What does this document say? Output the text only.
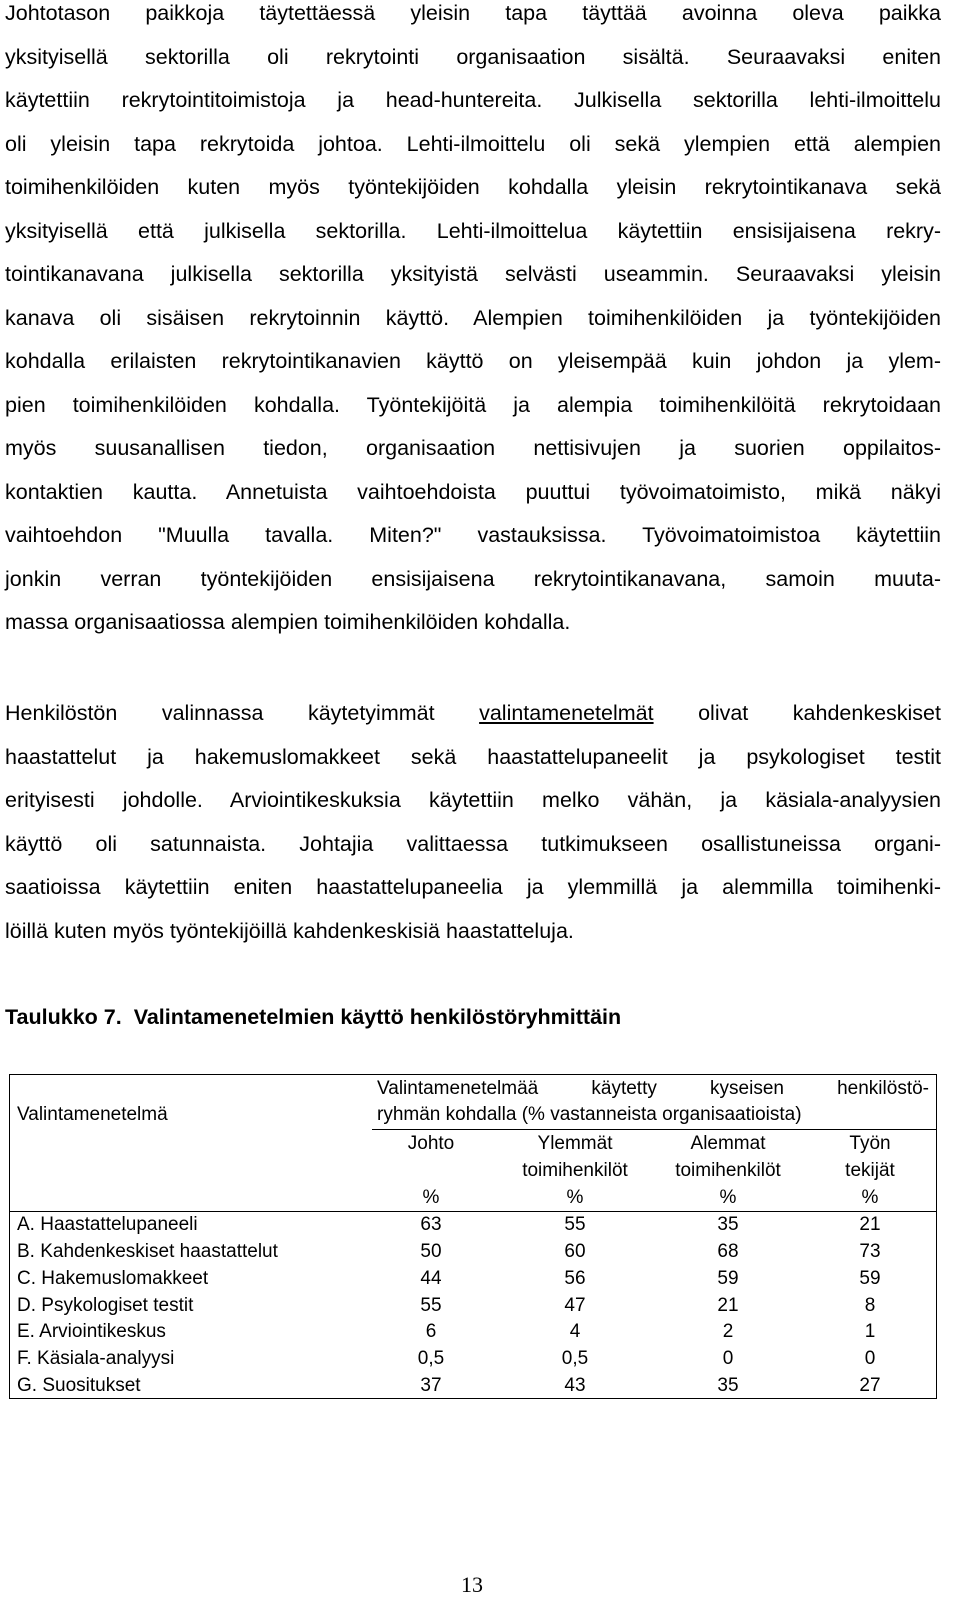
Johtotason paikkoja täytettäessä yleisin tapa täyttää avoinna oleva paikka
yksityisellä sektorilla oli rekrytointi organisaation sisältä. Seuraavaksi eniten
käytettiin rekrytointitoimistoja ja head-huntereita. Julkisella sektorilla lehti-ilmoittelu
oli yleisin tapa rekrytoida johtoa. Lehti-ilmoittelu oli sekä ylempien että alempien
toimihenkilöiden kuten myös työntekijöiden kohdalla yleisin rekrytointikanava sekä
yksityisellä että julkisella sektorilla. Lehti-ilmoittelua käytettiin ensisijaisena rekry-
tointikanavana julkisella sektorilla yksityistä selvästi useammin. Seuraavaksi yleisin
kanava oli sisäisen rekrytoinnin käyttö. Alempien toimihenkilöiden ja työntekijöiden
kohdalla erilaisten rekrytointikanavien käyttö on yleisempää kuin johdon ja ylem-
pien toimihenkilöiden kohdalla. Työntekijöitä ja alempia toimihenkilöitä rekrytoidaan
myös suusanallisen tiedon, organisaation nettisivujen ja suorien oppilaitos-
kontaktien kautta. Annetuista vaihtoehdoista puuttui työvoimatoimisto, mikä näkyi
vaihtoehdon "Muulla tavalla. Miten?" vastauksissa. Työvoimatoimistoa käytettiin
jonkin verran työntekijöiden ensisijaisena rekrytointikanavana, samoin muuta-
massa organisaatiossa alempien toimihenkilöiden kohdalla.
Henkilöstön valinnassa käytetyimmät valintamenetelmät olivat kahdenkeskiset
haastattelut ja hakemuslomakkeet sekä haastattelupaneelit ja psykologiset testit
erityisesti johdolle. Arviointikeskuksia käytettiin melko vähän, ja käsiala-analyysien
käyttö oli satunnaista. Johtajia valittaessa tutkimukseen osallistuneissa organi-
saatioissa käytettiin eniten haastattelupaneelia ja ylemmillä ja alemmilla toimihenki-
löillä kuten myös työntekijöillä kahdenkeskisiä haastatteluja.
Taulukko 7. Valintamenetelmien käyttö henkilöstöryhmittäin
Valintamenetelmä
Valintamenetelmää käytetty kyseisen henkilöstö-
ryhmän kohdalla (% vastanneista organisaatioista)
Johto
%
Ylemmät
toimihenkilöt
%
Alemmat
toimihenkilöt
%
Työn
tekijät
%
A. Haastattelupaneeli	63	55	35	21
B. Kahdenkeskiset haastattelut	50	60	68	73
C. Hakemuslomakkeet	44	56	59	59
D. Psykologiset testit	55	47	21	8
E. Arviointikeskus	6	4	2	1
F. Käsiala-analyysi	0,5	0,5	0	0
G. Suositukset	37	43	35	27
13
